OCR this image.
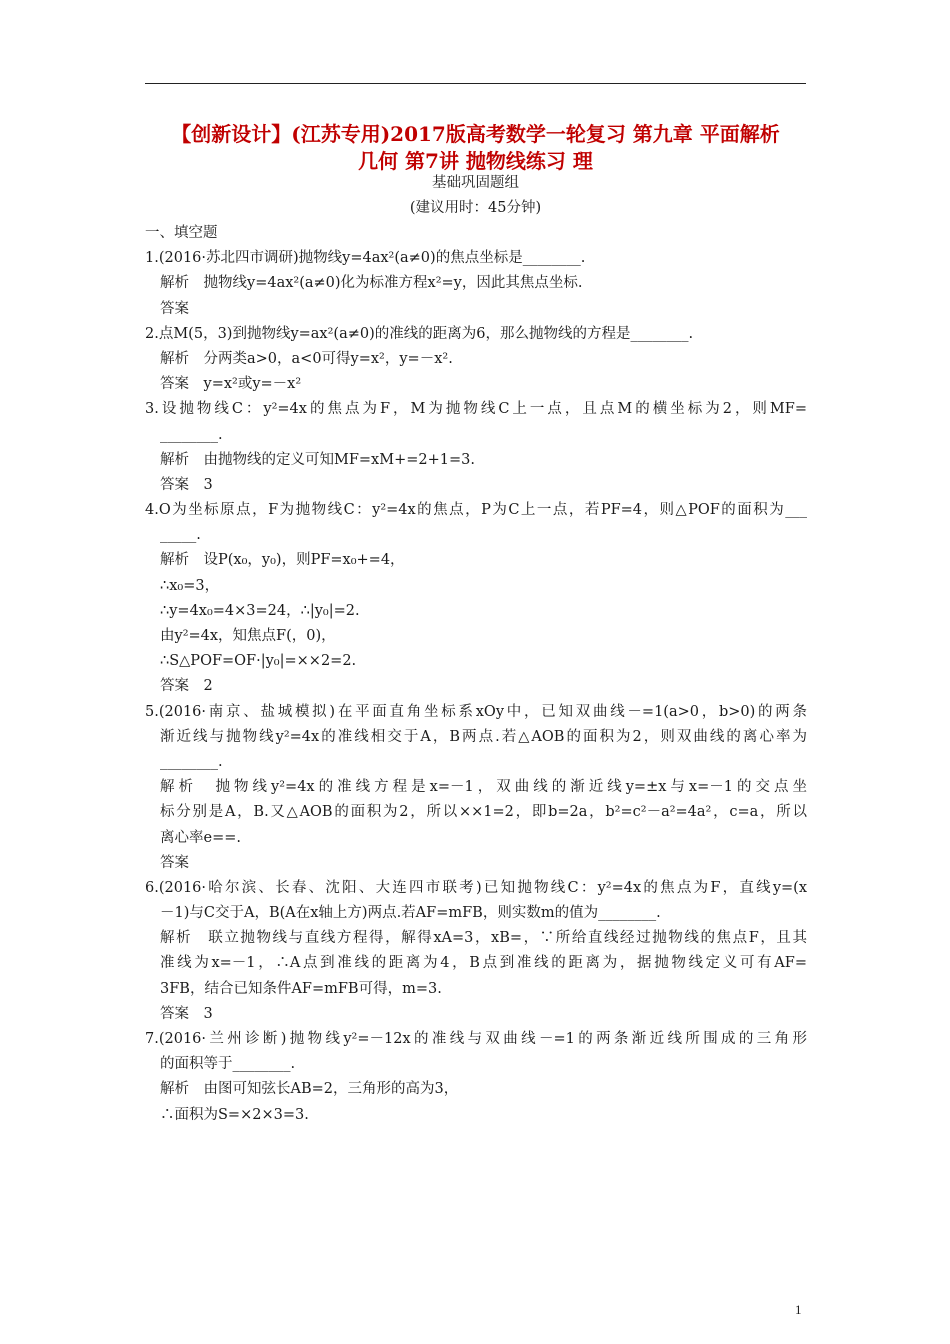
【创新设计】(江苏专用)2017版高考数学一轮复习 第九章 平面解析
几何 第7讲 抛物线练习 理
基础巩固题组
(建议用时：45分钟)
一、填空题
1.(2016·苏北四市调研)抛物线y=4ax²(a≠0)的焦点坐标是________.
解析　抛物线y=4ax²(a≠0)化为标准方程x²=y，因此其焦点坐标.
答案
2.点M(5，3)到抛物线y=ax²(a≠0)的准线的距离为6，那么抛物线的方程是________.
解析　分两类a>0，a<0可得y=x²，y=－x².
答案　y=x²或y=－x²
3.设抛物线C：y²=4x的焦点为F，M为抛物线C上一点，且点M的横坐标为2，则MF=
________.
解析　由抛物线的定义可知MF=xM+=2+1=3.
答案　3
4.O为坐标原点，F为抛物线C：y²=4x的焦点，P为C上一点，若PF=4，则△POF的面积为___
_____.
解析　设P(x₀，y₀)，则PF=x₀+=4，
∴x₀=3，
∴y=4x₀=4×3=24，∴|y₀|=2.
由y²=4x，知焦点F(，0)，
∴S△POF=OF·|y₀|=××2=2.
答案　2
5.(2016·南京、盐城模拟)在平面直角坐标系xOy中，已知双曲线－=1(a>0，b>0)的两条
渐近线与抛物线y²=4x的准线相交于A，B两点.若△AOB的面积为2，则双曲线的离心率为
________.
解析　抛物线y²=4x的准线方程是x=－1，双曲线的渐近线y=±x与x=－1的交点坐
标分别是A，B.又△AOB的面积为2，所以××1=2，即b=2a，b²=c²－a²=4a²，c=a，所以
离心率e==.
答案
6.(2016·哈尔滨、长春、沈阳、大连四市联考)已知抛物线C：y²=4x的焦点为F，直线y=(x
－1)与C交于A，B(A在x轴上方)两点.若AF=mFB，则实数m的值为________.
解析　联立抛物线与直线方程得，解得xA=3，xB=，∵所给直线经过抛物线的焦点F，且其
准线为x=－1，∴A点到准线的距离为4，B点到准线的距离为，据抛物线定义可有AF=
3FB，结合已知条件AF=mFB可得，m=3.
答案　3
7.(2016·兰州诊断)抛物线y²=－12x的准线与双曲线－=1的两条渐近线所围成的三角形
的面积等于________.
解析　由图可知弦长AB=2，三角形的高为3，
∴面积为S=×2×3=3.
1
